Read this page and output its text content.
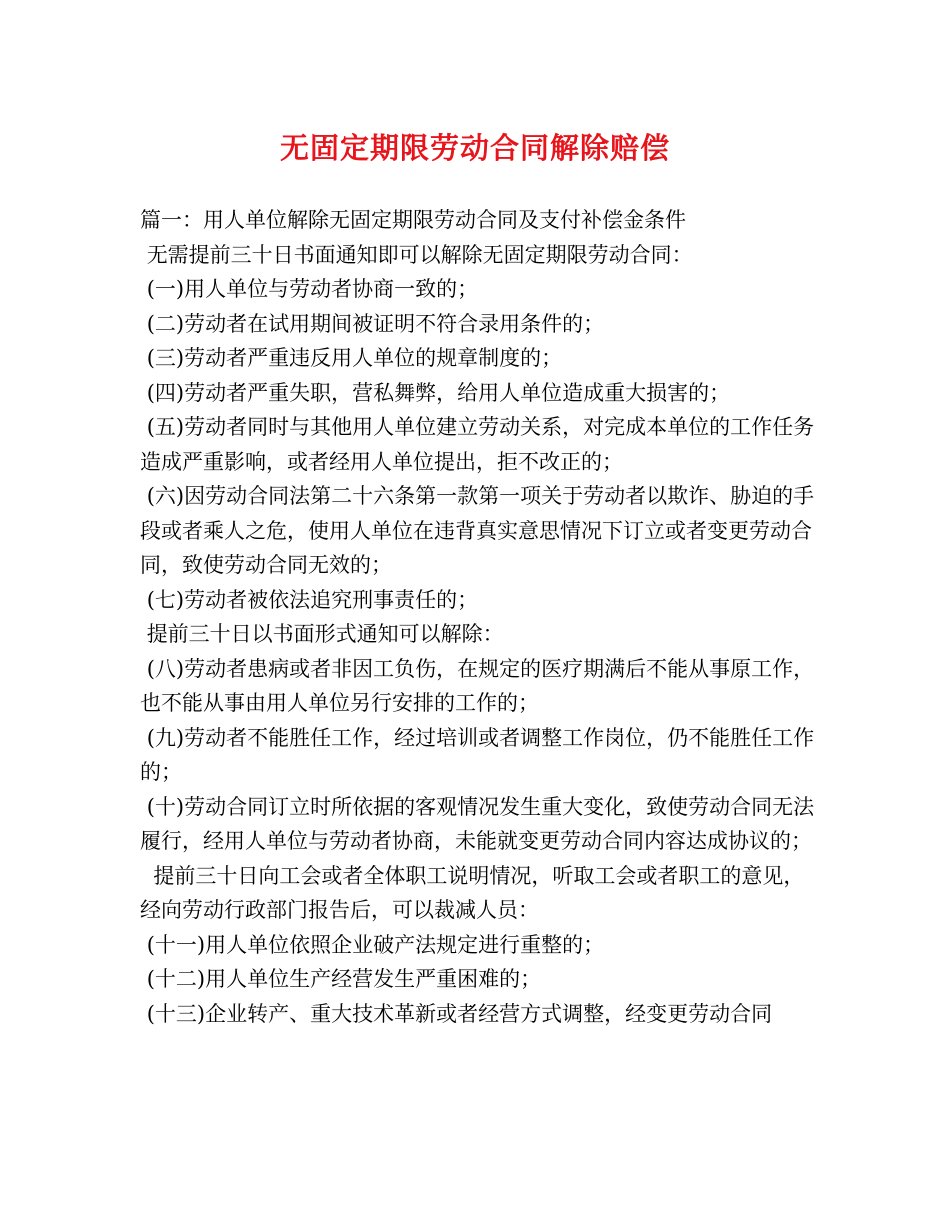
无固定期限劳动合同解除赔偿

篇一：用人单位解除无固定期限劳动合同及支付补偿金条件

无需提前三十日书面通知即可以解除无固定期限劳动合同：

(一)用人单位与劳动者协商一致的；

(二)劳动者在试用期间被证明不符合录用条件的；

(三)劳动者严重违反用人单位的规章制度的；

(四)劳动者严重失职，营私舞弊，给用人单位造成重大损害的；

(五)劳动者同时与其他用人单位建立劳动关系，对完成本单位的工作任务造成严重影响，或者经用人单位提出，拒不改正的；

(六)因劳动合同法第二十六条第一款第一项关于劳动者以欺诈、胁迫的手段或者乘人之危，使用人单位在违背真实意思情况下订立或者变更劳动合同，致使劳动合同无效的；

(七)劳动者被依法追究刑事责任的；

提前三十日以书面形式通知可以解除：

(八)劳动者患病或者非因工负伤，在规定的医疗期满后不能从事原工作，也不能从事由用人单位另行安排的工作的；

(九)劳动者不能胜任工作，经过培训或者调整工作岗位，仍不能胜任工作的；

(十)劳动合同订立时所依据的客观情况发生重大变化，致使劳动合同无法履行，经用人单位与劳动者协商，未能就变更劳动合同内容达成协议的；

提前三十日向工会或者全体职工说明情况，听取工会或者职工的意见，经向劳动行政部门报告后，可以裁减人员：

(十一)用人单位依照企业破产法规定进行重整的；

(十二)用人单位生产经营发生严重困难的；

(十三)企业转产、重大技术革新或者经营方式调整，经变更劳动合同
